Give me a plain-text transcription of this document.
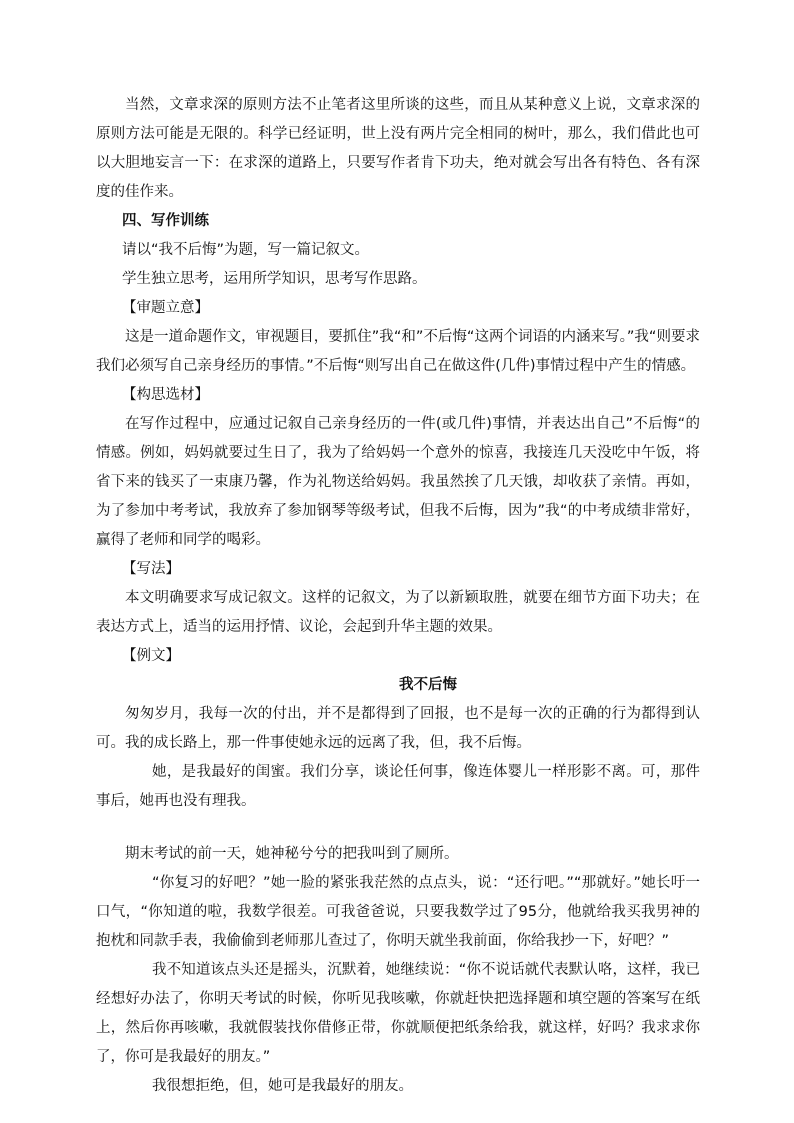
当然，文章求深的原则方法不止笔者这里所谈的这些，而且从某种意义上说，文章求深的原则方法可能是无限的。科学已经证明，世上没有两片完全相同的树叶，那么，我们借此也可以大胆地妄言一下：在求深的道路上，只要写作者肯下功夫，绝对就会写出各有特色、各有深度的佳作来。

四、写作训练

请以“我不后悔”为题，写一篇记叙文。

学生独立思考，运用所学知识，思考写作思路。

【审题立意】

这是一道命题作文，审视题目，要抓住”我“和”不后悔“这两个词语的内涵来写。”我“则要求我们必须写自己亲身经历的事情。”不后悔“则写出自己在做这件(几件)事情过程中产生的情感。

【构思选材】

在写作过程中，应通过记叙自己亲身经历的一件(或几件)事情，并表达出自己”不后悔“的情感。例如，妈妈就要过生日了，我为了给妈妈一个意外的惊喜，我接连几天没吃中午饭，将省下来的钱买了一束康乃馨，作为礼物送给妈妈。我虽然挨了几天饿，却收获了亲情。再如，为了参加中考考试，我放弃了参加钢琴等级考试，但我不后悔，因为”我“的中考成绩非常好，赢得了老师和同学的喝彩。

【写法】

本文明确要求写成记叙文。这样的记叙文，为了以新颖取胜，就要在细节方面下功夫；在表达方式上，适当的运用抒情、议论，会起到升华主题的效果。

【例文】

我不后悔

匆匆岁月，我每一次的付出，并不是都得到了回报，也不是每一次的正确的行为都得到认可。我的成长路上，那一件事使她永远的远离了我，但，我不后悔。

她，是我最好的闺蜜。我们分享，谈论任何事，像连体婴儿一样形影不离。可，那件事后，她再也没有理我。

期末考试的前一天，她神秘兮兮的把我叫到了厕所。

“你复习的好吧？”她一脸的紧张我茫然的点点头，说：“还行吧。”“那就好。”她长吁一口气，“你知道的啦，我数学很差。可我爸爸说，只要我数学过了95分，他就给我买我男神的抱枕和同款手表，我偷偷到老师那儿查过了，你明天就坐我前面，你给我抄一下，好吧？”

我不知道该点头还是摇头，沉默着，她继续说：“你不说话就代表默认咯，这样，我已经想好办法了，你明天考试的时候，你听见我咳嗽，你就赶快把选择题和填空题的答案写在纸上，然后你再咳嗽，我就假装找你借修正带，你就顺便把纸条给我，就这样，好吗？我求求你了，你可是我最好的朋友。”

我很想拒绝，但，她可是我最好的朋友。
